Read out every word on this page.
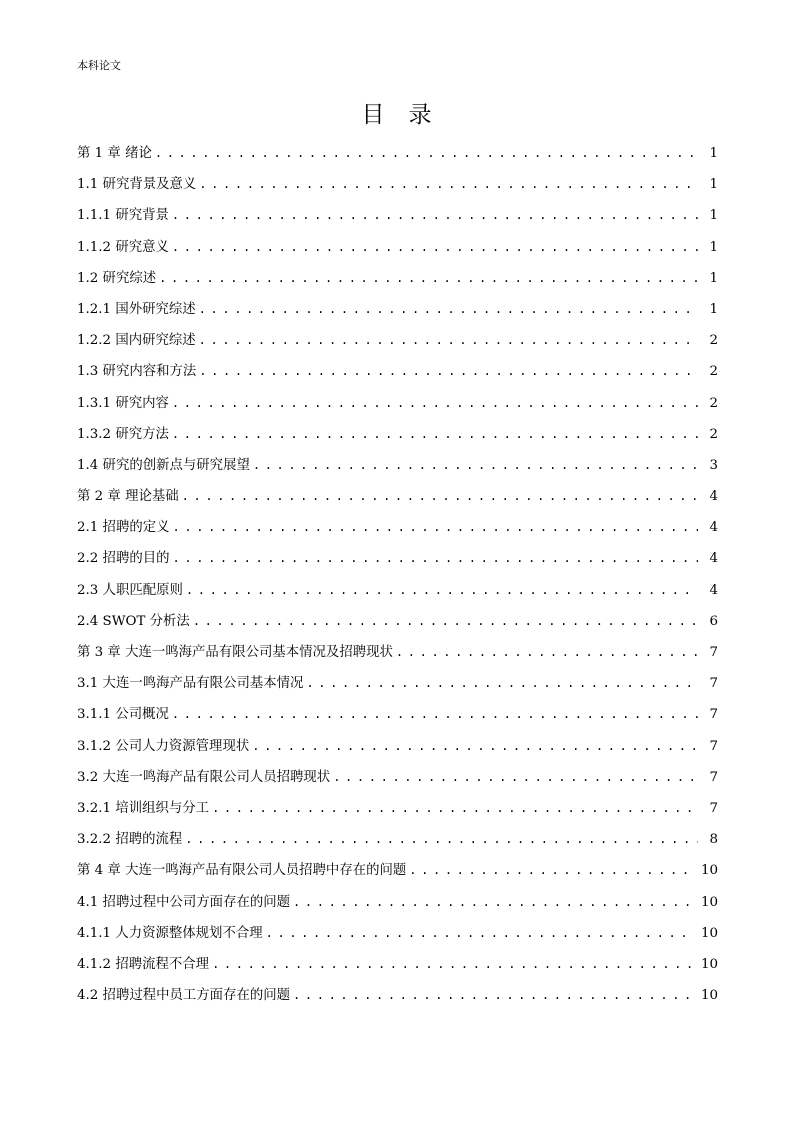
本科论文
目录
第 1 章 绪论 . . .	1
1.1 研究背景及意义 . . .	1
1.1.1 研究背景 . . .	1
1.1.2 研究意义 . . .	1
1.2 研究综述 . . .	1
1.2.1 国外研究综述 . . .	1
1.2.2 国内研究综述 . . .	2
1.3 研究内容和方法 . . .	2
1.3.1 研究内容 . . .	2
1.3.2 研究方法 . . .	2
1.4 研究的创新点与研究展望 . . .	3
第 2 章 理论基础 . . .	4
2.1 招聘的定义 . . .	4
2.2 招聘的目的 . . .	4
2.3 人职匹配原则 . . .	4
2.4 SWOT 分析法 . . .	6
第 3 章 大连一鸣海产品有限公司基本情况及招聘现状 . . .	7
3.1 大连一鸣海产品有限公司基本情况 . . .	7
3.1.1 公司概况 . . .	7
3.1.2 公司人力资源管理现状 . . .	7
3.2 大连一鸣海产品有限公司人员招聘现状 . . .	7
3.2.1 培训组织与分工 . . .	7
3.2.2 招聘的流程 . . .	8
第 4 章 大连一鸣海产品有限公司人员招聘中存在的问题 . . .	10
4.1 招聘过程中公司方面存在的问题 . . .	10
4.1.1 人力资源整体规划不合理 . . .	10
4.1.2 招聘流程不合理 . . .	10
4.2 招聘过程中员工方面存在的问题 . . .	10
